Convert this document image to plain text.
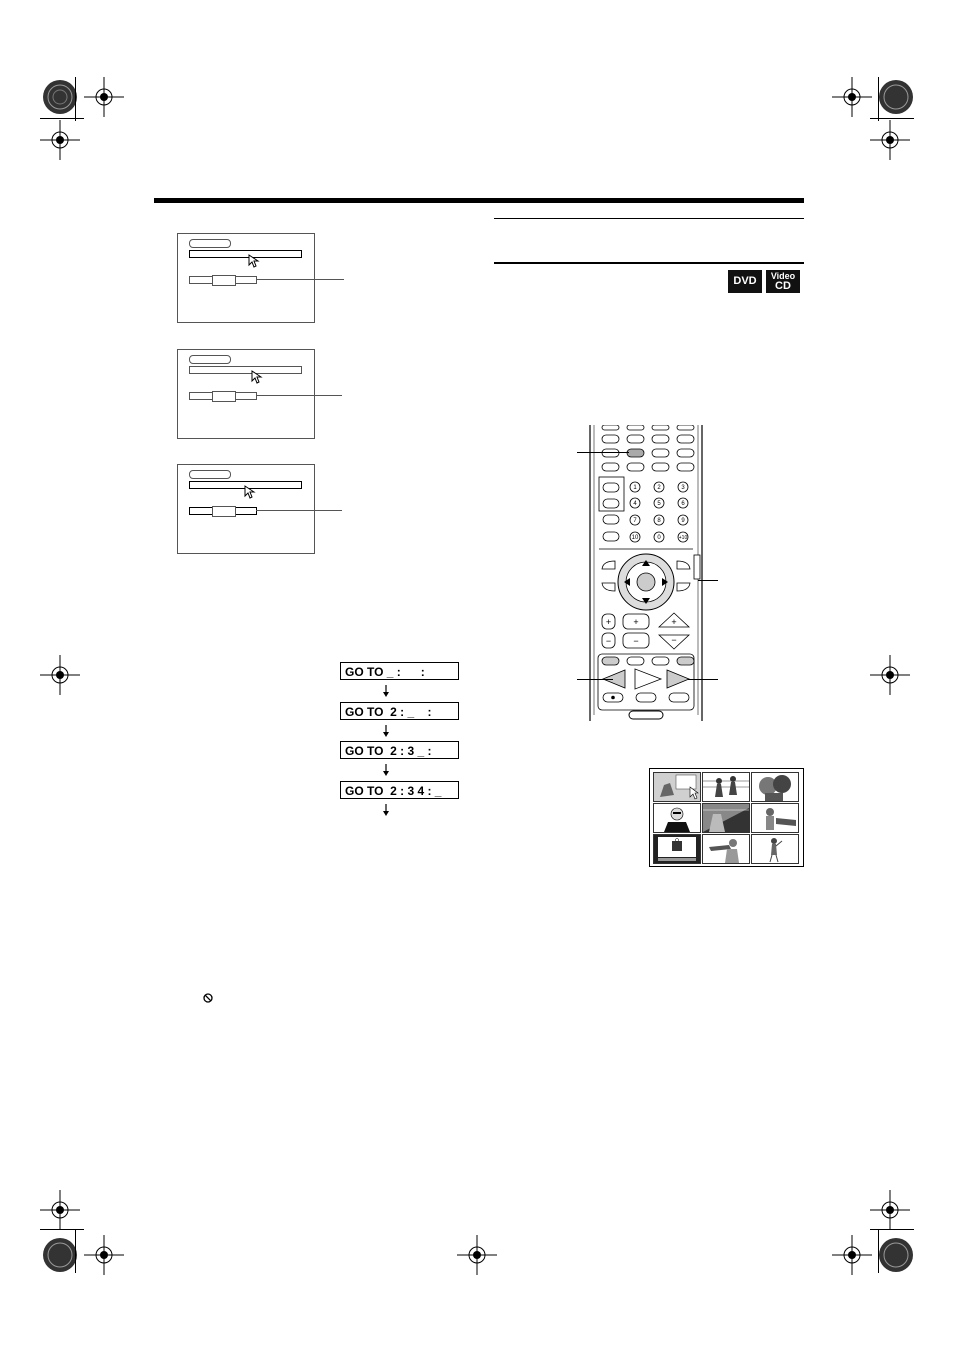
DVD	Video
CD
GO TO _ :      :
GO TO  2 : _    :
GO TO  2 : 3 _ :
GO TO  2 : 3 4 : _
1	2	3
4	5	6
7	8	9
10	0	+10
+ +	+
− −	−
